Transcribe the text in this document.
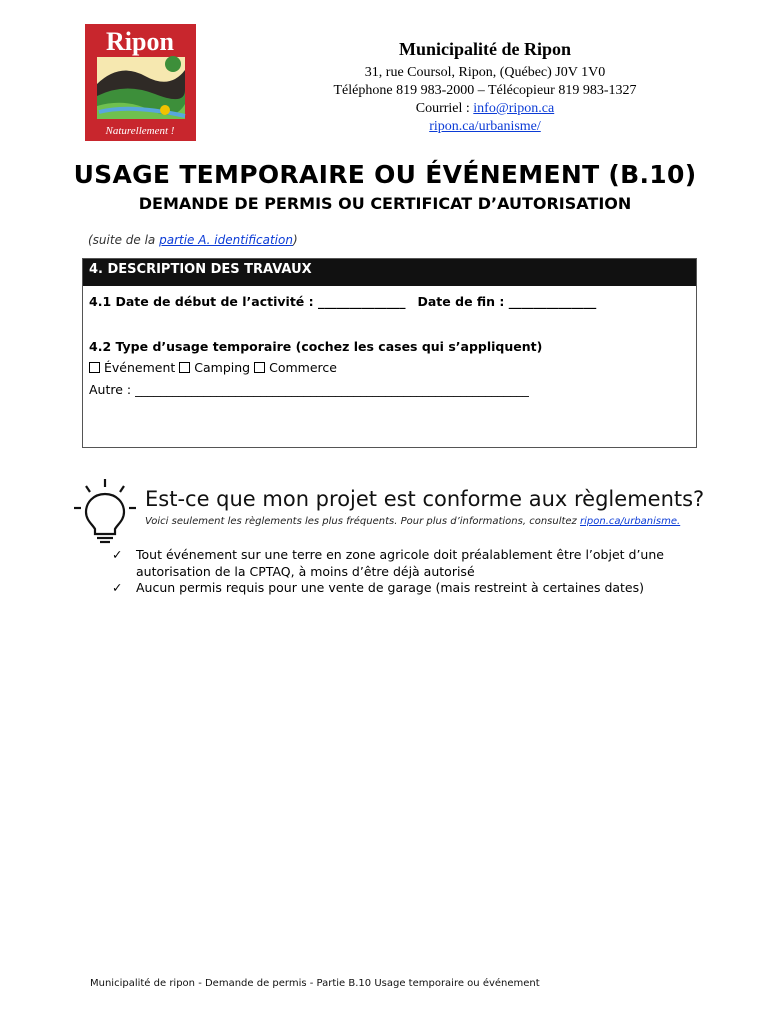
Ripon
Naturellement !
Municipalité de Ripon
31, rue Coursol, Ripon, (Québec) J0V 1V0
Téléphone 819 983-2000 – Télécopieur 819 983-1327
Courriel : info@ripon.ca
ripon.ca/urbanisme/
USAGE TEMPORAIRE OU ÉVÉNEMENT (B.10)
DEMANDE DE PERMIS OU CERTIFICAT D’AUTORISATION
(suite de la partie A. identification)
4. DESCRIPTION DES TRAVAUX
4.1 Date de début de l’activité : ______________ Date de fin : ______________
4.2 Type d’usage temporaire (cochez les cases qui s’appliquent)
Événement Camping Commerce
Autre : _______________________________________________________________
Est-ce que mon projet est conforme aux règlements?
Voici seulement les règlements les plus fréquents. Pour plus d’informations, consultez ripon.ca/urbanisme.
✓	Tout événement sur une terre en zone agricole doit préalablement être l’objet d’une autorisation de la CPTAQ, à moins d’être déjà autorisé
✓	Aucun permis requis pour une vente de garage (mais restreint à certaines dates)
Municipalité de ripon - Demande de permis - Partie B.10 Usage temporaire ou événement
